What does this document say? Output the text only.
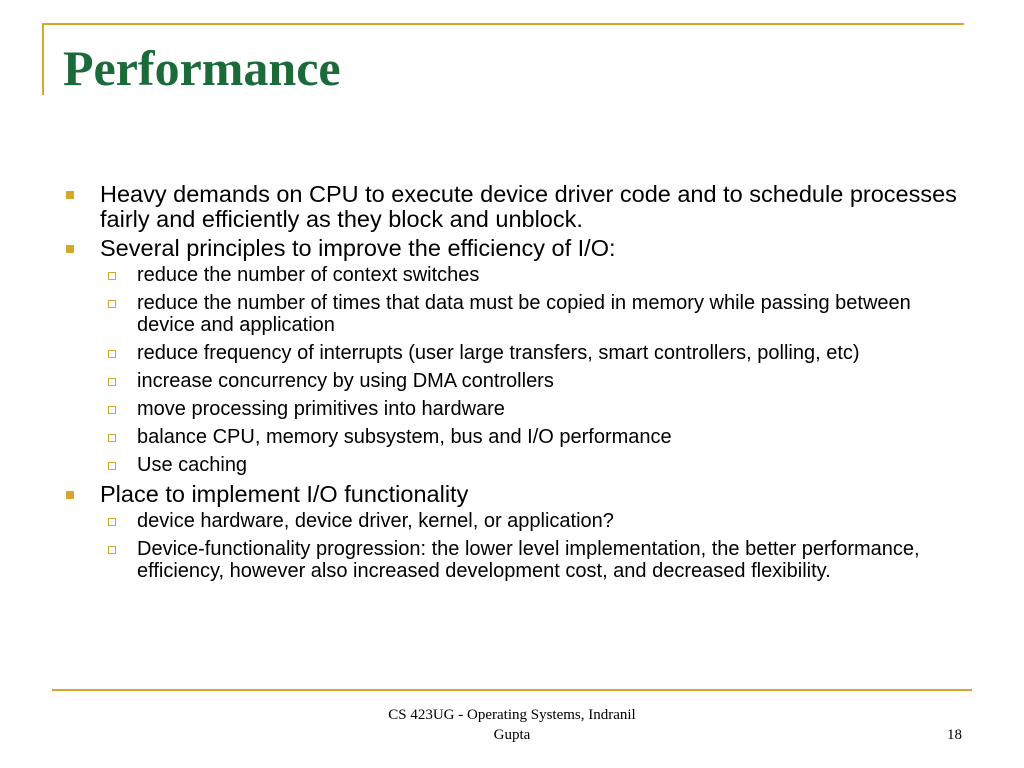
Performance
Heavy demands on CPU to execute device driver code and to schedule processes fairly and efficiently as they block and unblock.
Several principles to improve the efficiency of I/O:
reduce the number of context switches
reduce the number of times that data must be copied in memory while passing between device and application
reduce frequency of interrupts (user large transfers, smart controllers, polling, etc)
increase concurrency by using DMA controllers
move processing primitives into hardware
balance CPU, memory subsystem, bus and I/O performance
Use caching
Place to implement I/O functionality
device hardware, device driver, kernel, or application?
Device-functionality progression: the lower level implementation, the better performance, efficiency, however also increased development cost, and decreased flexibility.
CS 423UG - Operating Systems, Indranil
Gupta	18
